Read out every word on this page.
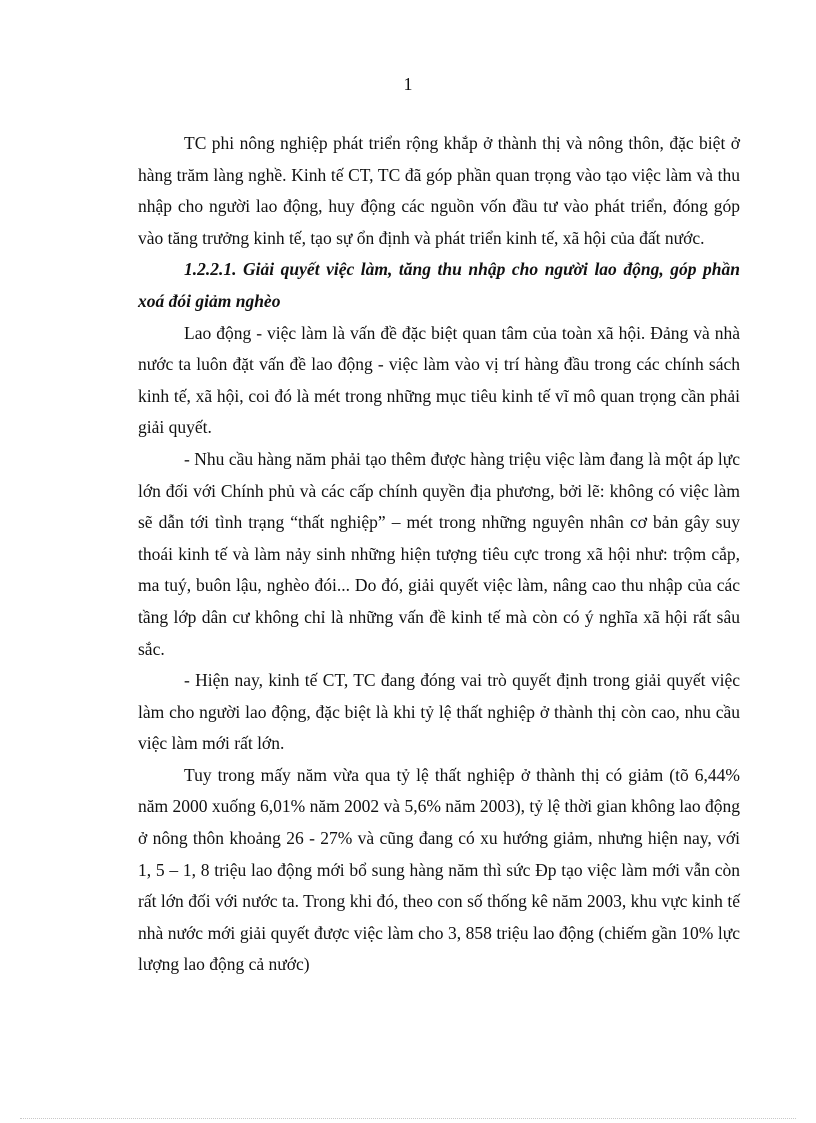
1

TC phi nông nghiệp phát triển rộng khắp ở thành thị và nông thôn, đặc biệt ở hàng trăm làng nghề. Kinh tế CT, TC đã góp phần quan trọng vào tạo việc làm và thu nhập cho người lao động, huy động các nguồn vốn đầu tư vào phát triển, đóng góp vào tăng trưởng kinh tế, tạo sự ổn định và phát triển kinh tế, xã hội của đất nước.

1.2.2.1. Giải quyết việc làm, tăng thu nhập cho người lao động, góp phần xoá đói giảm nghèo

Lao động - việc làm là vấn đề đặc biệt quan tâm của toàn xã hội. Đảng và nhà nước ta luôn đặt vấn đề lao động - việc làm vào vị trí hàng đầu trong các chính sách kinh tế, xã hội, coi đó là mét trong những mục tiêu kinh tế vĩ mô quan trọng cần phải giải quyết.

- Nhu cầu hàng năm phải tạo thêm được hàng triệu việc làm đang là một áp lực lớn đối với Chính phủ và các cấp chính quyền địa phương, bởi lẽ: không có việc làm sẽ dẫn tới tình trạng “thất nghiệp” – mét trong những nguyên nhân cơ bản gây suy thoái kinh tế và làm nảy sinh những hiện tượng tiêu cực trong xã hội như: trộm cắp, ma tuý, buôn lậu, nghèo đói... Do đó, giải quyết việc làm, nâng cao thu nhập của các tầng lớp dân cư không chỉ là những vấn đề kinh tế mà còn có ý nghĩa xã hội rất sâu sắc.

- Hiện nay, kinh tế CT, TC đang đóng vai trò quyết định trong giải quyết việc làm cho người lao động, đặc biệt là khi tỷ lệ thất nghiệp ở thành thị còn cao, nhu cầu việc làm mới rất lớn.

Tuy trong mấy năm vừa qua tỷ lệ thất nghiệp ở thành thị có giảm (tõ 6,44% năm 2000 xuống 6,01% năm 2002 và 5,6% năm 2003), tỷ lệ thời gian không lao động ở nông thôn khoảng 26 - 27% và cũng đang có xu hướng giảm, nhưng hiện nay, với 1, 5 – 1, 8 triệu lao động mới bổ sung hàng năm thì sức Đp tạo việc làm mới vẫn còn rất lớn đối với nước ta. Trong khi đó, theo con số thống kê năm 2003, khu vực kinh tế nhà nước mới giải quyết được việc làm cho 3, 858 triệu lao động (chiếm gần 10% lực lượng lao động cả nước)
